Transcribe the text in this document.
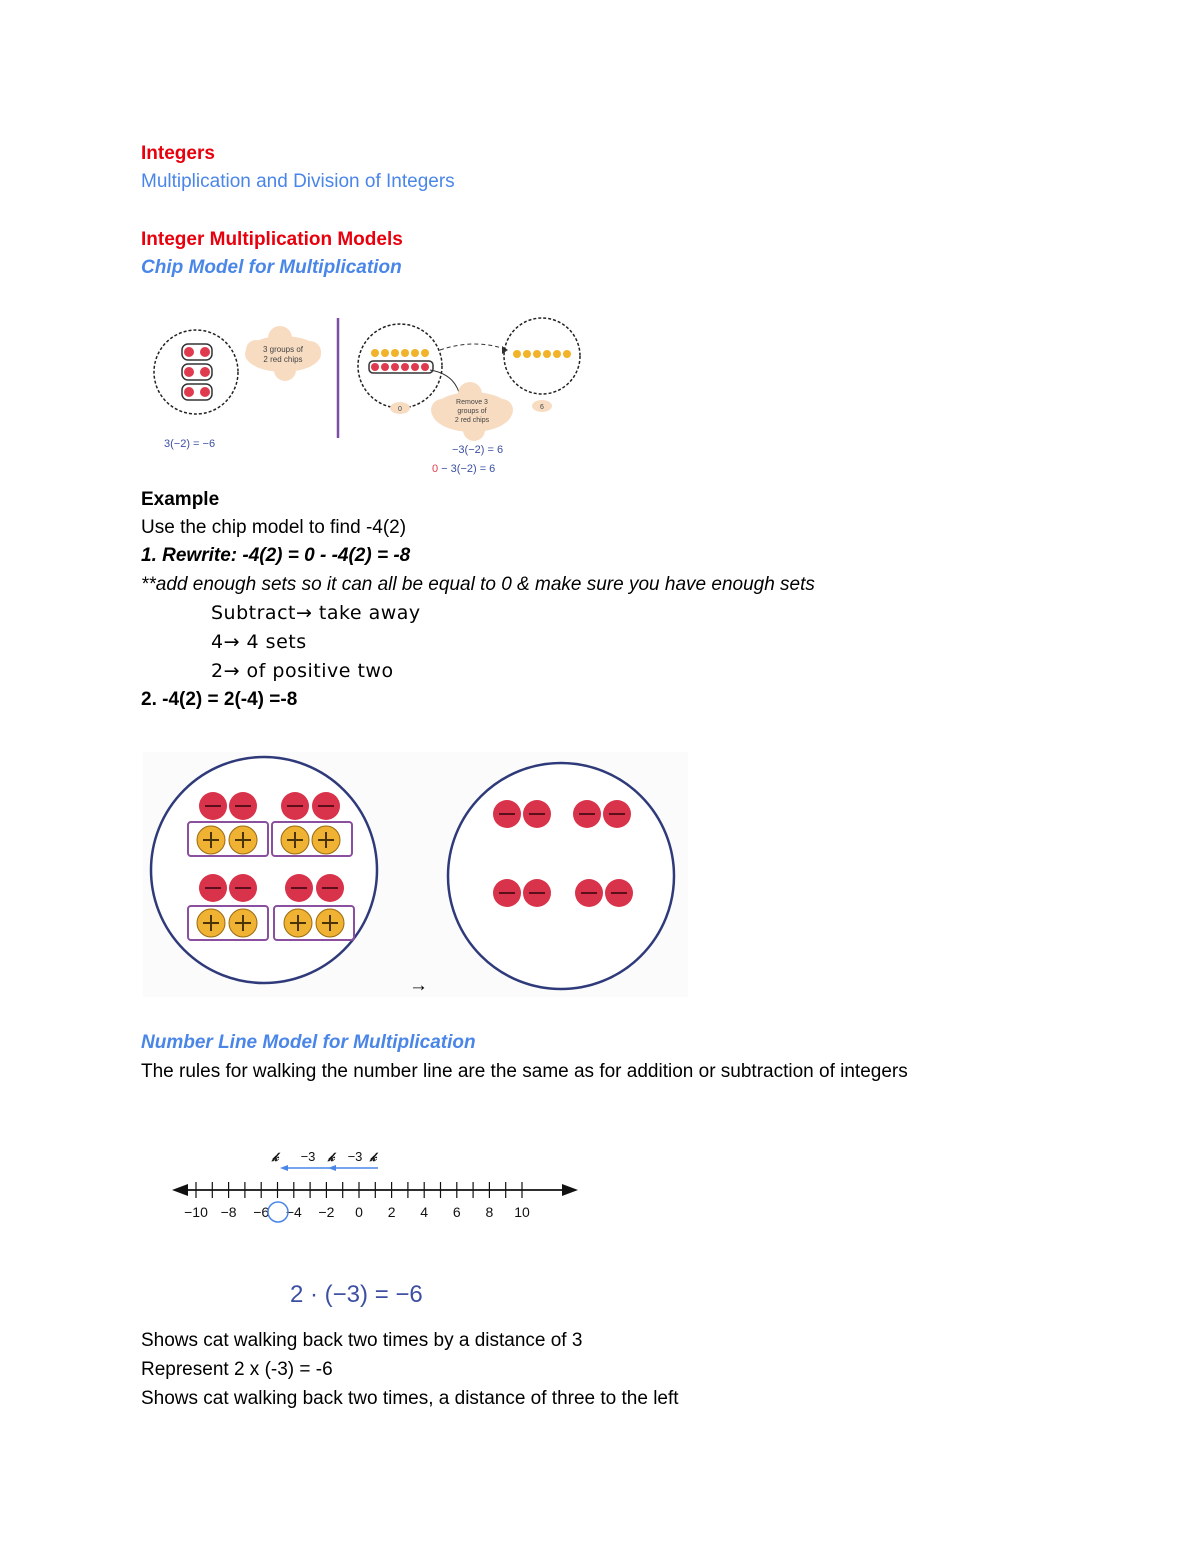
Integers
Multiplication and Division of Integers
Integer Multiplication Models
Chip Model for Multiplication
3 groups of
2 red chips
3(−2) = −6
0	6
Remove 3
groups of
2 red chips
−3(−2) = 6
0 − 3(−2) = 6
Example
Use the chip model to find -4(2)
1. Rewrite: -4(2) = 0 - -4(2) = -8
**add enough sets so it can all be equal to 0 & make sure you have enough sets
Subtract→ take away
4→ 4 sets
2→ of positive two
2. -4(2) = 2(-4) =-8
→
Number Line Model for Multiplication
The rules for walking the number line are the same as for addition or subtraction of integers
−10 −8 −6 −4 −2 0 2 4 6 8 10
𝓀	𝓀	𝓀
−3 −3
2 · (−3) = −6
Shows cat walking back two times by a distance of 3
Represent 2 x (-3) = -6
Shows cat walking back two times, a distance of three to the left
